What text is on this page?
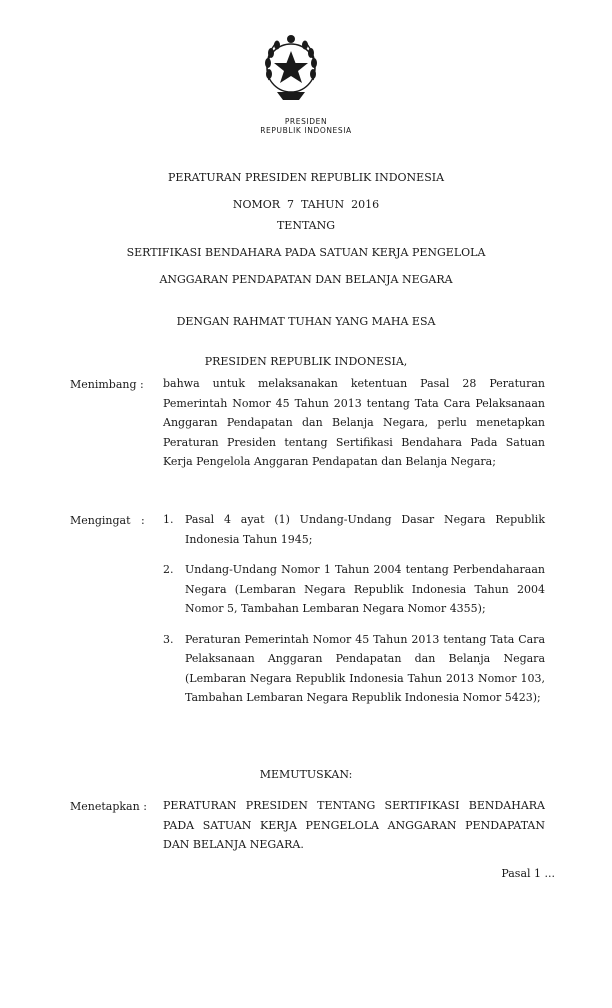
PRESIDEN
REPUBLIK INDONESIA
PERATURAN PRESIDEN REPUBLIK INDONESIA
NOMOR  7  TAHUN  2016
TENTANG
SERTIFIKASI BENDAHARA PADA SATUAN KERJA PENGELOLA
ANGGARAN PENDAPATAN DAN BELANJA NEGARA
DENGAN RAHMAT TUHAN YANG MAHA ESA
PRESIDEN REPUBLIK INDONESIA,
Menimbang : bahwa untuk melaksanakan ketentuan Pasal 28 Peraturan Pemerintah Nomor 45 Tahun 2013 tentang Tata Cara Pelaksanaan Anggaran Pendapatan dan Belanja Negara, perlu menetapkan Peraturan Presiden tentang Sertifikasi Bendahara Pada Satuan Kerja Pengelola Anggaran Pendapatan dan Belanja Negara;
Mengingat   : 1.	Pasal 4 ayat (1) Undang-Undang Dasar Negara Republik Indonesia Tahun 1945;
2.	Undang-Undang Nomor 1 Tahun 2004 tentang Perbendaharaan Negara (Lembaran Negara Republik Indonesia Tahun 2004 Nomor 5, Tambahan Lembaran Negara Nomor 4355);
3.	Peraturan Pemerintah Nomor 45 Tahun 2013 tentang Tata Cara Pelaksanaan Anggaran Pendapatan dan Belanja Negara (Lembaran Negara Republik Indonesia Tahun 2013 Nomor 103, Tambahan Lembaran Negara Republik Indonesia Nomor 5423);
MEMUTUSKAN:
Menetapkan : PERATURAN PRESIDEN TENTANG SERTIFIKASI BENDAHARA PADA SATUAN KERJA PENGELOLA ANGGARAN PENDAPATAN DAN BELANJA NEGARA.
Pasal 1 ...
